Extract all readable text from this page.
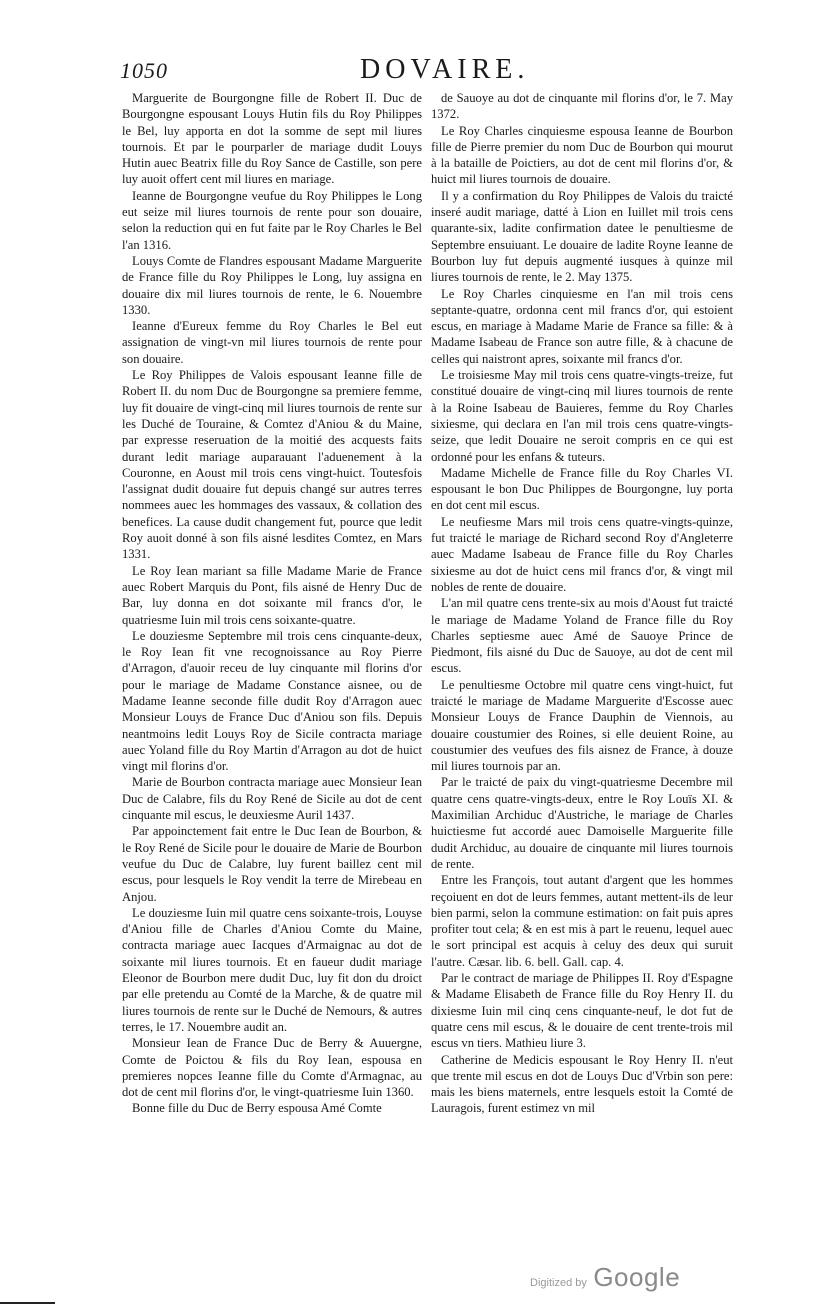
1050	DOVAIRE.

Marguerite de Bourgongne fille de Robert II. Duc de Bourgongne espousant Louys Hutin fils du Roy Philippes le Bel, luy apporta en dot la somme de sept mil liures tournois. Et par le pourparler de mariage dudit Louys Hutin auec Beatrix fille du Roy Sance de Castille, son pere luy auoit offert cent mil liures en mariage.

Ieanne de Bourgongne veufue du Roy Philippes le Long eut seize mil liures tournois de rente pour son douaire, selon la reduction qui en fut faite par le Roy Charles le Bel l'an 1316.

Louys Comte de Flandres espousant Madame Marguerite de France fille du Roy Philippes le Long, luy assigna en douaire dix mil liures tournois de rente, le 6. Nouembre 1330.

Ieanne d'Eureux femme du Roy Charles le Bel eut assignation de vingt-vn mil liures tournois de rente pour son douaire.

Le Roy Philippes de Valois espousant Ieanne fille de Robert II. du nom Duc de Bourgongne sa premiere femme, luy fit douaire de vingt-cinq mil liures tournois de rente sur les Duché de Touraine, & Comtez d'Aniou & du Maine, par expresse reseruation de la moitié des acquests faits durant ledit mariage auparauant l'aduenement à la Couronne, en Aoust mil trois cens vingt-huict. Toutesfois l'assignat dudit douaire fut depuis changé sur autres terres nommees auec les hommages des vassaux, & collation des benefices. La cause dudit changement fut, pource que ledit Roy auoit donné à son fils aisné lesdites Comtez, en Mars 1331.

Le Roy Iean mariant sa fille Madame Marie de France auec Robert Marquis du Pont, fils aisné de Henry Duc de Bar, luy donna en dot soixante mil francs d'or, le quatriesme Iuin mil trois cens soixante-quatre.

Le douziesme Septembre mil trois cens cinquante-deux, le Roy Iean fit vne recognoissance au Roy Pierre d'Arragon, d'auoir receu de luy cinquante mil florins d'or pour le mariage de Madame Constance aisnee, ou de Madame Ieanne seconde fille dudit Roy d'Arragon auec Monsieur Louys de France Duc d'Aniou son fils. Depuis neantmoins ledit Louys Roy de Sicile contracta mariage auec Yoland fille du Roy Martin d'Arragon au dot de huict vingt mil florins d'or.

Marie de Bourbon contracta mariage auec Monsieur Iean Duc de Calabre, fils du Roy René de Sicile au dot de cent cinquante mil escus, le deuxiesme Auril 1437.

Par appoinctement fait entre le Duc Iean de Bourbon, & le Roy René de Sicile pour le douaire de Marie de Bourbon veufue du Duc de Calabre, luy furent baillez cent mil escus, pour lesquels le Roy vendit la terre de Mirebeau en Anjou.

Le douziesme Iuin mil quatre cens soixante-trois, Louyse d'Aniou fille de Charles d'Aniou Comte du Maine, contracta mariage auec Iacques d'Armaignac au dot de soixante mil liures tournois. Et en faueur dudit mariage Eleonor de Bourbon mere dudit Duc, luy fit don du droict par elle pretendu au Comté de la Marche, & de quatre mil liures tournois de rente sur le Duché de Nemours, & autres terres, le 17. Nouembre audit an.

Monsieur Iean de France Duc de Berry & Auuergne, Comte de Poictou & fils du Roy Iean, espousa en premieres nopces Ieanne fille du Comte d'Armagnac, au dot de cent mil florins d'or, le vingt-quatriesme Iuin 1360.

Bonne fille du Duc de Berry espousa Amé Comte

de Sauoye au dot de cinquante mil florins d'or, le 7. May 1372.

Le Roy Charles cinquiesme espousa Ieanne de Bourbon fille de Pierre premier du nom Duc de Bourbon qui mourut à la bataille de Poictiers, au dot de cent mil florins d'or, & huict mil liures tournois de douaire.

Il y a confirmation du Roy Philippes de Valois du traicté inseré audit mariage, datté à Lion en Iuillet mil trois cens quarante-six, ladite confirmation datee le penultiesme de Septembre ensuiuant. Le douaire de ladite Royne Ieanne de Bourbon luy fut depuis augmenté iusques à quinze mil liures tournois de rente, le 2. May 1375.

Le Roy Charles cinquiesme en l'an mil trois cens septante-quatre, ordonna cent mil francs d'or, qui estoient escus, en mariage à Madame Marie de France sa fille: & à Madame Isabeau de France son autre fille, & à chacune de celles qui naistront apres, soixante mil francs d'or.

Le troisiesme May mil trois cens quatre-vingts-treize, fut constitué douaire de vingt-cinq mil liures tournois de rente à la Roine Isabeau de Bauieres, femme du Roy Charles sixiesme, qui declara en l'an mil trois cens quatre-vingts-seize, que ledit Douaire ne seroit compris en ce qui est ordonné pour les enfans & tuteurs.

Madame Michelle de France fille du Roy Charles VI. espousant le bon Duc Philippes de Bourgongne, luy porta en dot cent mil escus.

Le neufiesme Mars mil trois cens quatre-vingts-quinze, fut traicté le mariage de Richard second Roy d'Angleterre auec Madame Isabeau de France fille du Roy Charles sixiesme au dot de huict cens mil francs d'or, & vingt mil nobles de rente de douaire.

L'an mil quatre cens trente-six au mois d'Aoust fut traicté le mariage de Madame Yoland de France fille du Roy Charles septiesme auec Amé de Sauoye Prince de Piedmont, fils aisné du Duc de Sauoye, au dot de cent mil escus.

Le penultiesme Octobre mil quatre cens vingt-huict, fut traicté le mariage de Madame Marguerite d'Escosse auec Monsieur Louys de France Dauphin de Viennois, au douaire coustumier des Roines, si elle deuient Roine, au coustumier des veufues des fils aisnez de France, à douze mil liures tournois par an.

Par le traicté de paix du vingt-quatriesme Decembre mil quatre cens quatre-vingts-deux, entre le Roy Louïs XI. & Maximilian Archiduc d'Austriche, le mariage de Charles huictiesme fut accordé auec Damoiselle Marguerite fille dudit Archiduc, au douaire de cinquante mil liures tournois de rente.

Entre les François, tout autant d'argent que les hommes reçoiuent en dot de leurs femmes, autant mettent-ils de leur bien parmi, selon la commune estimation: on fait puis apres profiter tout cela; & en est mis à part le reuenu, lequel auec le sort principal est acquis à celuy des deux qui suruit l'autre. Cæsar. lib. 6. bell. Gall. cap. 4.

Par le contract de mariage de Philippes II. Roy d'Espagne & Madame Elisabeth de France fille du Roy Henry II. du dixiesme Iuin mil cinq cens cinquante-neuf, le dot fut de quatre cens mil escus, & le douaire de cent trente-trois mil escus vn tiers. Mathieu liure 3.

Catherine de Medicis espousant le Roy Henry II. n'eut que trente mil escus en dot de Louys Duc d'Vrbin son pere: mais les biens maternels, entre lesquels estoit la Comté de Lauragois, furent estimez vn mil

Digitized by Google
